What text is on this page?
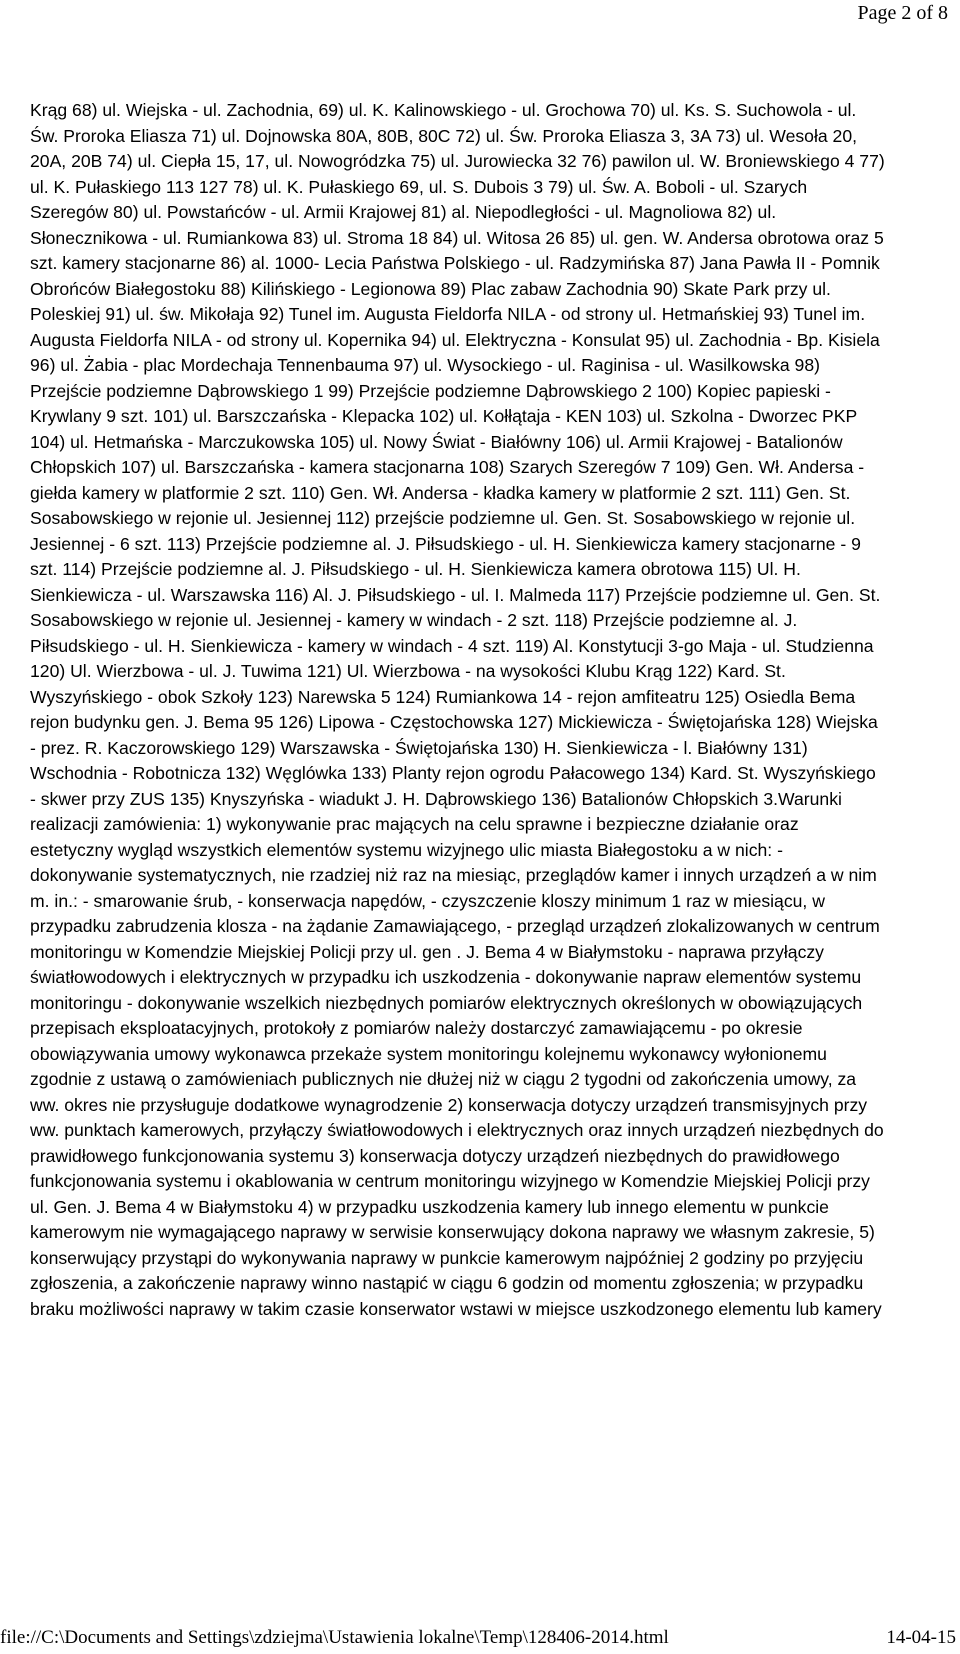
Page 2 of 8
Krąg 68) ul. Wiejska - ul. Zachodnia, 69) ul. K. Kalinowskiego - ul. Grochowa 70) ul. Ks. S. Suchowola - ul.
Św. Proroka Eliasza 71) ul. Dojnowska 80A, 80B, 80C 72) ul. Św. Proroka Eliasza 3, 3A 73) ul. Wesoła 20,
20A, 20B 74) ul. Ciepła 15, 17, ul. Nowogródzka 75) ul. Jurowiecka 32 76) pawilon ul. W. Broniewskiego 4 77)
ul. K. Pułaskiego 113 127 78) ul. K. Pułaskiego 69, ul. S. Dubois 3 79) ul. Św. A. Boboli - ul. Szarych
Szeregów 80) ul. Powstańców - ul. Armii Krajowej 81) al. Niepodległości - ul. Magnoliowa 82) ul.
Słonecznikowa - ul. Rumiankowa 83) ul. Stroma 18 84) ul. Witosa 26 85) ul. gen. W. Andersa obrotowa oraz 5
szt. kamery stacjonarne 86) al. 1000- Lecia Państwa Polskiego - ul. Radzymińska 87) Jana Pawła II - Pomnik
Obrońców Białegostoku 88) Kilińskiego - Legionowa 89) Plac zabaw Zachodnia 90) Skate Park przy ul.
Poleskiej 91) ul. św. Mikołaja 92) Tunel im. Augusta Fieldorfa NILA - od strony ul. Hetmańskiej 93) Tunel im.
Augusta Fieldorfa NILA - od strony ul. Kopernika 94) ul. Elektryczna - Konsulat 95) ul. Zachodnia - Bp. Kisiela
96) ul. Żabia - plac Mordechaja Tennenbauma 97) ul. Wysockiego - ul. Raginisa - ul. Wasilkowska 98)
Przejście podziemne Dąbrowskiego 1 99) Przejście podziemne Dąbrowskiego 2 100) Kopiec papieski -
Krywlany 9 szt. 101) ul. Barszczańska - Klepacka 102) ul. Kołłątaja - KEN 103) ul. Szkolna - Dworzec PKP
104) ul. Hetmańska - Marczukowska 105) ul. Nowy Świat - Białówny 106) ul. Armii Krajowej - Batalionów
Chłopskich 107) ul. Barszczańska - kamera stacjonarna 108) Szarych Szeregów 7 109) Gen. Wł. Andersa -
giełda kamery w platformie 2 szt. 110) Gen. Wł. Andersa - kładka kamery w platformie 2 szt. 111) Gen. St.
Sosabowskiego w rejonie ul. Jesiennej 112) przejście podziemne ul. Gen. St. Sosabowskiego w rejonie ul.
Jesiennej - 6 szt. 113) Przejście podziemne al. J. Piłsudskiego - ul. H. Sienkiewicza kamery stacjonarne - 9
szt. 114) Przejście podziemne al. J. Piłsudskiego - ul. H. Sienkiewicza kamera obrotowa 115) Ul. H.
Sienkiewicza - ul. Warszawska 116) Al. J. Piłsudskiego - ul. I. Malmeda 117) Przejście podziemne ul. Gen. St.
Sosabowskiego w rejonie ul. Jesiennej - kamery w windach - 2 szt. 118) Przejście podziemne al. J.
Piłsudskiego - ul. H. Sienkiewicza - kamery w windach - 4 szt. 119) Al. Konstytucji 3-go Maja - ul. Studzienna
120) Ul. Wierzbowa - ul. J. Tuwima 121) Ul. Wierzbowa - na wysokości Klubu Krąg 122) Kard. St.
Wyszyńskiego - obok Szkoły 123) Narewska 5 124) Rumiankowa 14 - rejon amfiteatru 125) Osiedla Bema
rejon budynku gen. J. Bema 95 126) Lipowa - Częstochowska 127) Mickiewicza - Świętojańska 128) Wiejska
- prez. R. Kaczorowskiego 129) Warszawska - Świętojańska 130) H. Sienkiewicza - l. Białówny 131)
Wschodnia - Robotnicza 132) Węglówka 133) Planty rejon ogrodu Pałacowego 134) Kard. St. Wyszyńskiego
- skwer przy ZUS 135) Knyszyńska - wiadukt J. H. Dąbrowskiego 136) Batalionów Chłopskich 3.Warunki
realizacji zamówienia: 1) wykonywanie prac mających na celu sprawne i bezpieczne działanie oraz
estetyczny wygląd wszystkich elementów systemu wizyjnego ulic miasta Białegostoku a w nich: -
dokonywanie systematycznych, nie rzadziej niż raz na miesiąc, przeglądów kamer i innych urządzeń a w nim
m. in.: - smarowanie śrub, - konserwacja napędów, - czyszczenie kloszy minimum 1 raz w miesiącu, w
przypadku zabrudzenia klosza - na żądanie Zamawiającego, - przegląd urządzeń zlokalizowanych w centrum
monitoringu w Komendzie Miejskiej Policji przy ul. gen . J. Bema 4 w Białymstoku - naprawa przyłączy
światłowodowych i elektrycznych w przypadku ich uszkodzenia - dokonywanie napraw elementów systemu
monitoringu - dokonywanie wszelkich niezbędnych pomiarów elektrycznych określonych w obowiązujących
przepisach eksploatacyjnych, protokoły z pomiarów należy dostarczyć zamawiającemu - po okresie
obowiązywania umowy wykonawca przekaże system monitoringu kolejnemu wykonawcy wyłonionemu
zgodnie z ustawą o zamówieniach publicznych nie dłużej niż w ciągu 2 tygodni od zakończenia umowy, za
ww. okres nie przysługuje dodatkowe wynagrodzenie 2) konserwacja dotyczy urządzeń transmisyjnych przy
ww. punktach kamerowych, przyłączy światłowodowych i elektrycznych oraz innych urządzeń niezbędnych do
prawidłowego funkcjonowania systemu 3) konserwacja dotyczy urządzeń niezbędnych do prawidłowego
funkcjonowania systemu i okablowania w centrum monitoringu wizyjnego w Komendzie Miejskiej Policji przy
ul. Gen. J. Bema 4 w Białymstoku 4) w przypadku uszkodzenia kamery lub innego elementu w punkcie
kamerowym nie wymagającego naprawy w serwisie konserwujący dokona naprawy we własnym zakresie, 5)
konserwujący przystąpi do wykonywania naprawy w punkcie kamerowym najpóźniej 2 godziny po przyjęciu
zgłoszenia, a zakończenie naprawy winno nastąpić w ciągu 6 godzin od momentu zgłoszenia; w przypadku
braku możliwości naprawy w takim czasie konserwator wstawi w miejsce uszkodzonego elementu lub kamery
file://C:\Documents and Settings\zdziejma\Ustawienia lokalne\Temp\128406-2014.html	14-04-15
